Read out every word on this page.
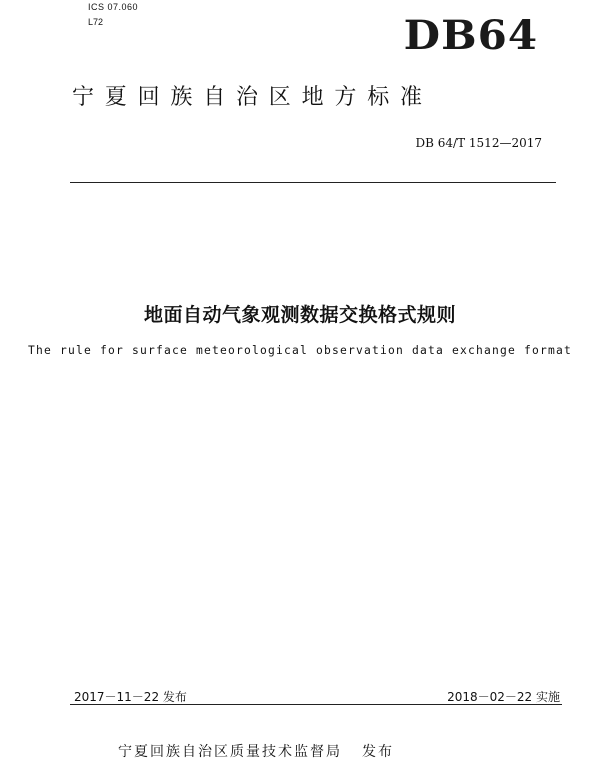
ICS 07.060
L72	DB64
宁夏回族自治区地方标准
DB 64/T 1512—2017
地面自动气象观测数据交换格式规则
The rule for surface meteorological observation data exchange format
2017－11－22 发布	2018－02－22 实施
宁夏回族自治区质量技术监督局 发布
